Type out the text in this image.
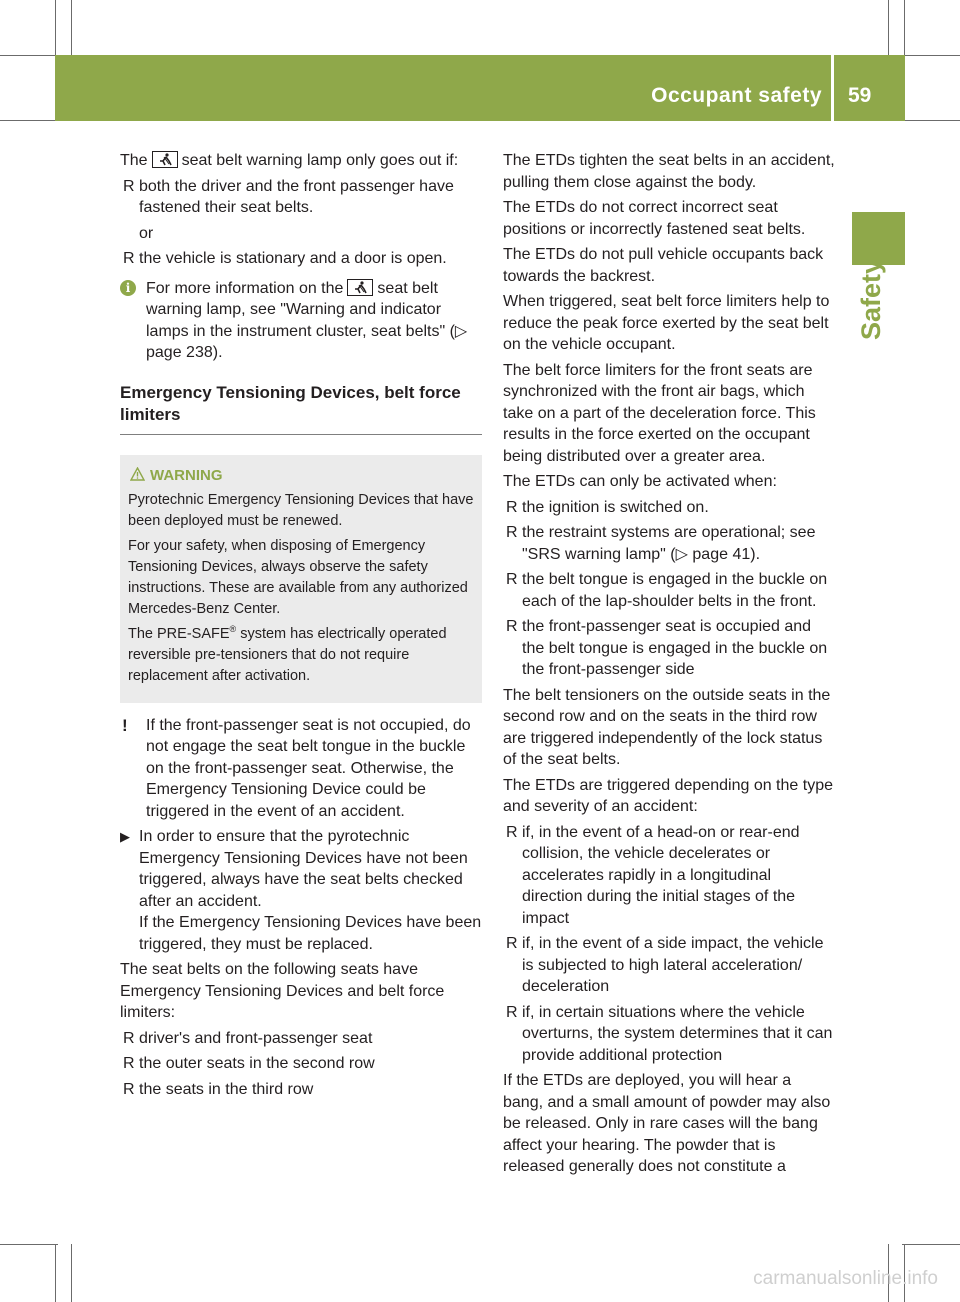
Occupant safety 59
Safety
The seat belt warning lamp only goes out if:
R both the driver and the front passenger have fastened their seat belts.
or
R the vehicle is stationary and a door is open.
i For more information on the seat belt warning lamp, see "Warning and indicator lamps in the instrument cluster, seat belts" (▷ page 238).
Emergency Tensioning Devices, belt force limiters
WARNING
Pyrotechnic Emergency Tensioning Devices that have been deployed must be renewed.
For your safety, when disposing of Emergency Tensioning Devices, always observe the safety instructions. These are available from any authorized Mercedes-Benz Center.
The PRE-SAFE® system has electrically operated reversible pre-tensioners that do not require replacement after activation.
! If the front-passenger seat is not occupied, do not engage the seat belt tongue in the buckle on the front-passenger seat. Otherwise, the Emergency Tensioning Device could be triggered in the event of an accident.
▶ In order to ensure that the pyrotechnic Emergency Tensioning Devices have not been triggered, always have the seat belts checked after an accident.
If the Emergency Tensioning Devices have been triggered, they must be replaced.
The seat belts on the following seats have Emergency Tensioning Devices and belt force limiters:
R driver's and front-passenger seat
R the outer seats in the second row
R the seats in the third row
The ETDs tighten the seat belts in an accident, pulling them close against the body.
The ETDs do not correct incorrect seat positions or incorrectly fastened seat belts.
The ETDs do not pull vehicle occupants back towards the backrest.
When triggered, seat belt force limiters help to reduce the peak force exerted by the seat belt on the vehicle occupant.
The belt force limiters for the front seats are synchronized with the front air bags, which take on a part of the deceleration force. This results in the force exerted on the occupant being distributed over a greater area.
The ETDs can only be activated when:
R the ignition is switched on.
R the restraint systems are operational; see "SRS warning lamp" (▷ page 41).
R the belt tongue is engaged in the buckle on each of the lap-shoulder belts in the front.
R the front-passenger seat is occupied and the belt tongue is engaged in the buckle on the front-passenger side
The belt tensioners on the outside seats in the second row and on the seats in the third row are triggered independently of the lock status of the seat belts.
The ETDs are triggered depending on the type and severity of an accident:
R if, in the event of a head-on or rear-end collision, the vehicle decelerates or accelerates rapidly in a longitudinal direction during the initial stages of the impact
R if, in the event of a side impact, the vehicle is subjected to high lateral acceleration/ deceleration
R if, in certain situations where the vehicle overturns, the system determines that it can provide additional protection
If the ETDs are deployed, you will hear a bang, and a small amount of powder may also be released. Only in rare cases will the bang affect your hearing. The powder that is released generally does not constitute a
carmanualsonline.info
